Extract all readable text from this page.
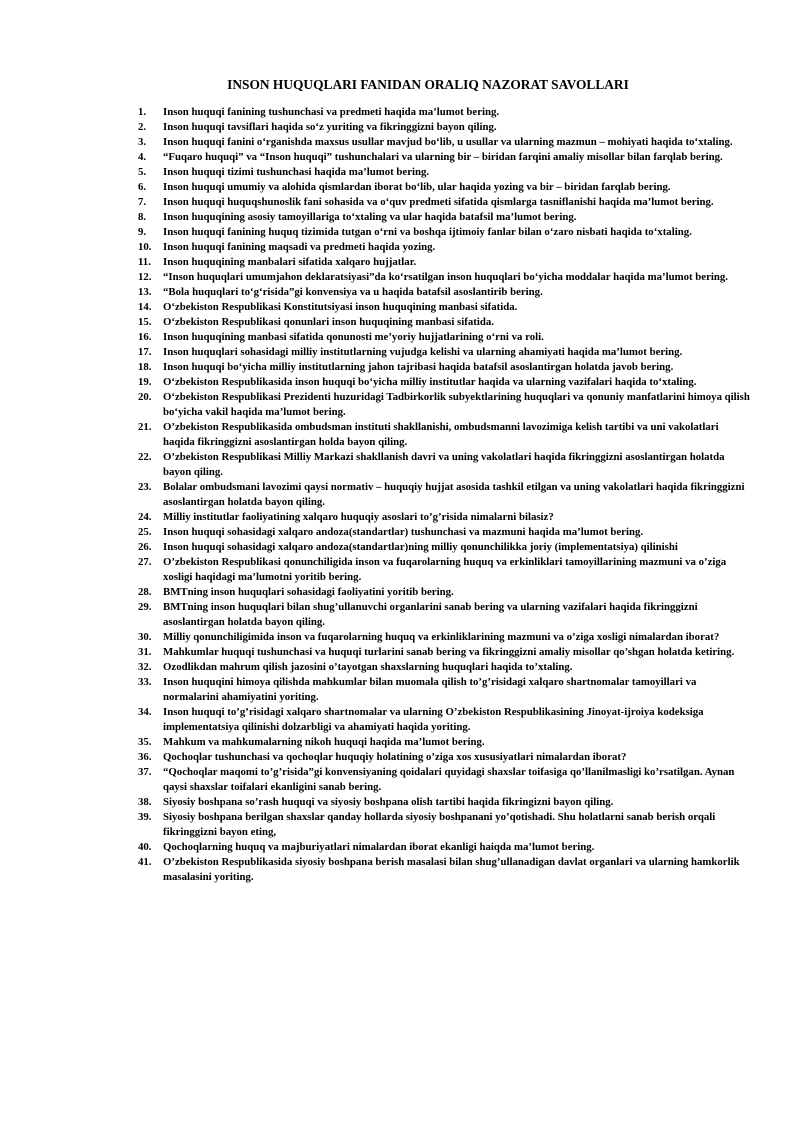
INSON HUQUQLARI FANIDAN ORALIQ NAZORAT SAVOLLARI
1.	Inson huquqi fanining tushunchasi va predmeti haqida ma’lumot bering.
2.	Inson huquqi tavsiflari haqida so‘z yuriting va fikringgizni bayon qiling.
3.	Inson huquqi fanini o‘rganishda maxsus usullar mavjud bo‘lib, u usullar va ularning mazmun – mohiyati haqida to‘xtaling.
4.	“Fuqaro huquqi” va “Inson huquqi” tushunchalari va ularning bir – biridan farqini amaliy misollar bilan farqlab bering.
5.	Inson huquqi tizimi tushunchasi haqida ma’lumot bering.
6.	Inson huquqi umumiy va alohida qismlardan iborat bo‘lib, ular haqida yozing va bir – biridan farqlab bering.
7.	Inson huquqi huquqshunoslik fani sohasida va o‘quv predmeti sifatida qismlarga tasniflanishi haqida ma’lumot bering.
8.	Inson huquqining asosiy tamoyillariga to‘xtaling va ular haqida batafsil ma’lumot bering.
9.	Inson huquqi fanining huquq tizimida tutgan o‘rni va boshqa ijtimoiy fanlar bilan o‘zaro nisbati haqida to‘xtaling.
10.	Inson huquqi fanining maqsadi va predmeti haqida yozing.
11.	Inson huquqining manbalari sifatida xalqaro hujjatlar.
12.	“Inson huquqlari umumjahon deklaratsiyasi”da ko‘rsatilgan inson huquqlari bo‘yicha moddalar haqida ma’lumot bering.
13.	“Bola huquqlari to‘g‘risida”gi konvensiya va u haqida batafsil asoslantirib bering.
14.	O‘zbekiston Respublikasi Konstitutsiyasi inson huquqining manbasi sifatida.
15.	O‘zbekiston Respublikasi qonunlari inson huquqining manbasi sifatida.
16.	Inson huquqining manbasi sifatida qonunosti me’yoriy hujjatlarining o‘rni va roli.
17.	Inson huquqlari sohasidagi milliy institutlarning vujudga kelishi va ularning ahamiyati haqida ma’lumot bering.
18.	Inson huquqi bo‘yicha milliy institutlarning jahon tajribasi haqida batafsil asoslantirgan holatda javob bering.
19.	O‘zbekiston Respublikasida inson huquqi bo‘yicha milliy institutlar haqida va ularning vazifalari haqida to‘xtaling.
20.	O‘zbekiston Respublikasi Prezidenti huzuridagi Tadbirkorlik subyektlarining huquqlari va qonuniy manfatlarini himoya qilish bo‘yicha vakil haqida ma’lumot bering.
21.	O’zbekiston Respublikasida ombudsman instituti shakllanishi, ombudsmanni lavozimiga kelish tartibi va uni vakolatlari haqida fikringgizni asoslantirgan holda bayon qiling.
22.	O’zbekiston Respublikasi Milliy Markazi shakllanish davri va uning vakolatlari haqida fikringgizni asoslantirgan holatda bayon qiling.
23.	Bolalar ombudsmani lavozimi qaysi normativ – huquqiy hujjat asosida tashkil etilgan va uning vakolatlari haqida fikringgizni asoslantirgan holatda bayon qiling.
24.	Milliy institutlar faoliyatining xalqaro huquqiy asoslari to’g’risida nimalarni bilasiz?
25.	Inson huquqi sohasidagi xalqaro andoza(standartlar) tushunchasi va mazmuni haqida ma’lumot bering.
26.	Inson huquqi sohasidagi xalqaro andoza(standartlar)ning milliy qonunchilikka joriy (implementatsiya) qilinishi
27.	O’zbekiston Respublikasi qonunchiligida inson va fuqarolarning huquq va erkinliklari tamoyillarining mazmuni va o’ziga xosligi haqidagi ma’lumotni yoritib bering.
28.	BMTning inson huquqlari sohasidagi faoliyatini yoritib bering.
29.	BMTning inson huquqlari bilan shug’ullanuvchi organlarini sanab bering va ularning vazifalari haqida fikringgizni asoslantirgan holatda bayon qiling.
30.	Milliy qonunchiligimida inson va fuqarolarning huquq va erkinliklarining mazmuni va o’ziga xosligi nimalardan iborat?
31.	Mahkumlar huquqi tushunchasi va huquqi turlarini sanab bering va fikringgizni amaliy misollar qo’shgan holatda ketiring.
32.	Ozodlikdan mahrum qilish jazosini o’tayotgan shaxslarning huquqlari haqida to’xtaling.
33.	Inson huquqini himoya qilishda mahkumlar bilan muomala qilish to’g’risidagi xalqaro shartnomalar tamoyillari va normalarini ahamiyatini yoriting.
34.	Inson huquqi to’g’risidagi xalqaro shartnomalar va ularning O’zbekiston Respublikasining Jinoyat-ijroiya kodeksiga implementatsiya qilinishi dolzarbligi va ahamiyati haqida yoriting.
35.	Mahkum va mahkumalarning nikoh huquqi haqida ma’lumot bering.
36.	Qochoqlar tushunchasi va qochoqlar huquqiy holatining o’ziga xos xususiyatlari nimalardan iborat?
37.	“Qochoqlar maqomi to’g’risida”gi konvensiyaning qoidalari quyidagi shaxslar toifasiga qo’llanilmasligi ko’rsatilgan. Aynan qaysi shaxslar toifalari ekanligini sanab bering.
38.	Siyosiy boshpana so’rash huquqi va siyosiy boshpana olish tartibi haqida fikringizni bayon qiling.
39.	Siyosiy boshpana berilgan shaxslar qanday hollarda siyosiy boshpanani yo’qotishadi. Shu holatlarni sanab berish orqali fikringgizni bayon eting,
40.	Qochoqlarning huquq va majburiyatlari nimalardan iborat ekanligi haiqda ma’lumot bering.
41.	O’zbekiston Respublikasida siyosiy boshpana berish masalasi bilan shug’ullanadigan davlat organlari va ularning hamkorlik masalasini yoriting.
